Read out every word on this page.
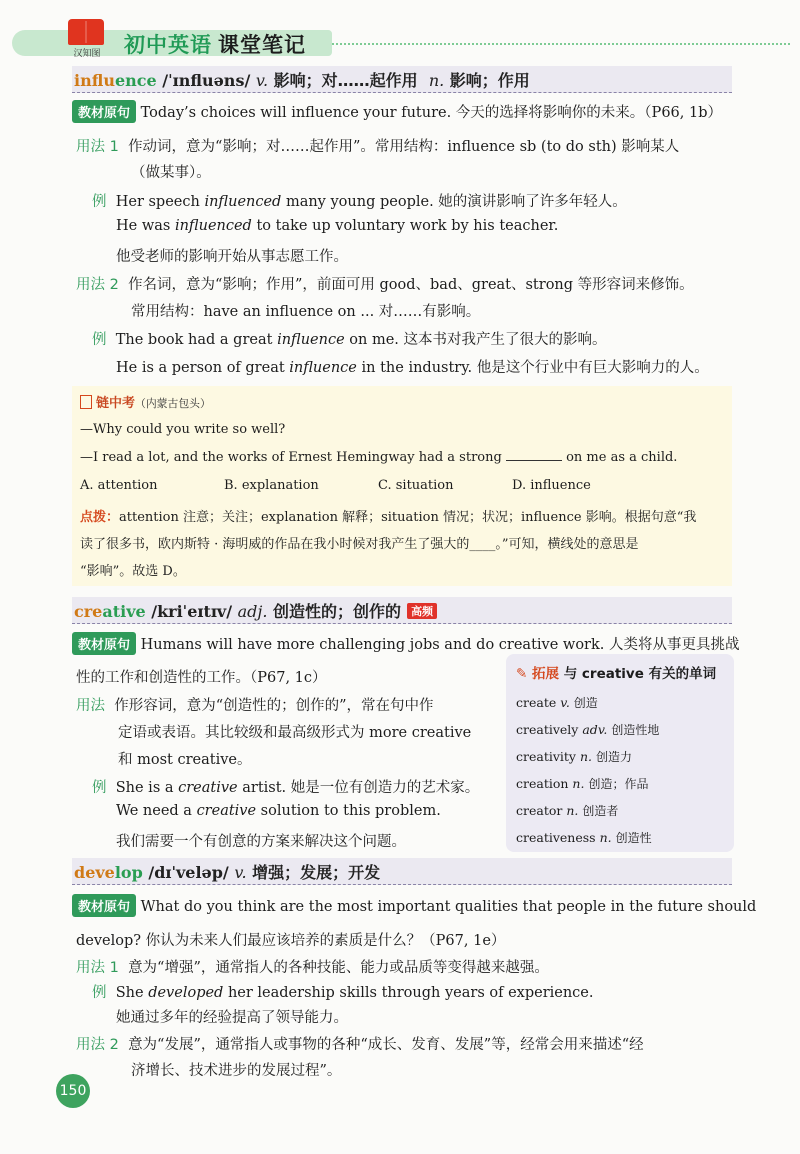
汉知图	初中英语 课堂笔记
influence /ˈɪnfluəns/ v. 影响；对……起作用 n. 影响；作用
教材原句 Today’s choices will influence your future. 今天的选择将影响你的未来。（P66, 1b）
用法 1 作动词，意为“影响；对……起作用”。常用结构：influence sb (to do sth) 影响某人
（做某事）。
例 Her speech influenced many young people. 她的演讲影响了许多年轻人。
He was influenced to take up voluntary work by his teacher.
他受老师的影响开始从事志愿工作。
用法 2 作名词，意为“影响；作用”，前面可用 good、bad、great、strong 等形容词来修饰。
常用结构：have an influence on ... 对……有影响。
例 The book had a great influence on me. 这本书对我产生了很大的影响。
He is a person of great influence in the industry. 他是这个行业中有巨大影响力的人。
链中考（内蒙古包头）
—Why could you write so well?
—I read a lot, and the works of Ernest Hemingway had a strong	on me as a child.
A. attention	B. explanation	C. situation	D. influence
点拨：attention 注意；关注；explanation 解释；situation 情况；状况；influence 影响。根据句意“我
读了很多书，欧内斯特 · 海明威的作品在我小时候对我产生了强大的____。”可知，横线处的意思是
“影响”。故选 D。
creative /kriˈeɪtɪv/ adj. 创造性的；创作的 高频
教材原句 Humans will have more challenging jobs and do creative work. 人类将从事更具挑战
性的工作和创造性的工作。（P67, 1c）
用法 作形容词，意为“创造性的；创作的”，常在句中作
定语或表语。其比较级和最高级形式为 more creative
和 most creative。
例 She is a creative artist. 她是一位有创造力的艺术家。
We need a creative solution to this problem.
我们需要一个有创意的方案来解决这个问题。
✎ 拓展 与 creative 有关的单词
create v. 创造
creatively adv. 创造性地
creativity n. 创造力
creation n. 创造；作品
creator n. 创造者
creativeness n. 创造性
develop /dɪˈveləp/ v. 增强；发展；开发
教材原句 What do you think are the most important qualities that people in the future should
develop? 你认为未来人们最应该培养的素质是什么？（P67, 1e）
用法 1 意为“增强”，通常指人的各种技能、能力或品质等变得越来越强。
例 She developed her leadership skills through years of experience.
她通过多年的经验提高了领导能力。
用法 2 意为“发展”，通常指人或事物的各种“成长、发育、发展”等，经常会用来描述“经
济增长、技术进步的发展过程”。
150
